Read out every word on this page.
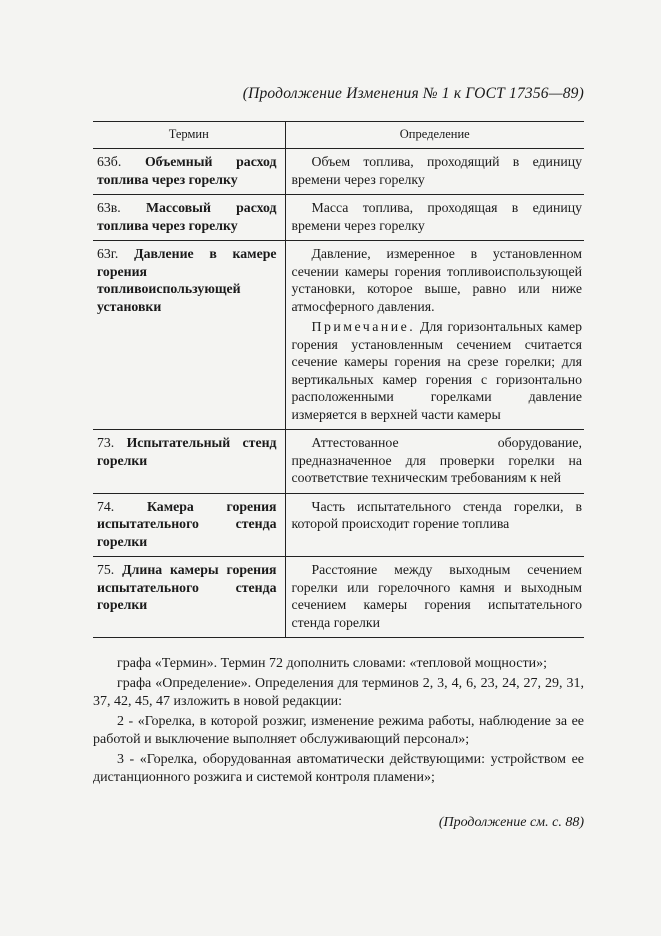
(Продолжение Изменения № 1 к ГОСТ 17356—89)
Термин	Определение
63б. Объемный расход топлива через горелку	Объем топлива, проходящий в единицу времени через горелку

63в. Массовый расход топлива через горелку	Масса топлива, проходящая в единицу времени через горелку

63г. Давление в камере горения топливоиспользующей установки	Давление, измеренное в установленном сечении камеры горения топливоиспользующей установки, которое выше, равно или ниже атмосферного давления.

Примечание. Для горизонтальных камер горения установленным сечением считается сечение камеры горения на срезе горелки; для вертикальных камер горения с горизонтально расположенными горелками давление измеряется в верхней части камеры

73. Испытательный стенд горелки	Аттестованное оборудование, предназначенное для проверки горелки на соответствие техническим требованиям к ней

74. Камера горения испытательного стенда горелки	Часть испытательного стенда горелки, в которой происходит горение топлива

75. Длина камеры горения испытательного стенда горелки	Расстояние между выходным сечением горелки или горелочного камня и выходным сечением камеры горения испытательного стенда горелки

графа «Термин». Термин 72 дополнить словами: «тепловой мощности»;

графа «Определение». Определения для терминов 2, 3, 4, 6, 23, 24, 27, 29, 31, 37, 42, 45, 47 изложить в новой редакции:

2 - «Горелка, в которой розжиг, изменение режима работы, наблюдение за ее работой и выключение выполняет обслуживающий персонал»;

3 - «Горелка, оборудованная автоматически действующими: устройством ее дистанционного розжига и системой контроля пламени»;

(Продолжение см. с. 88)
